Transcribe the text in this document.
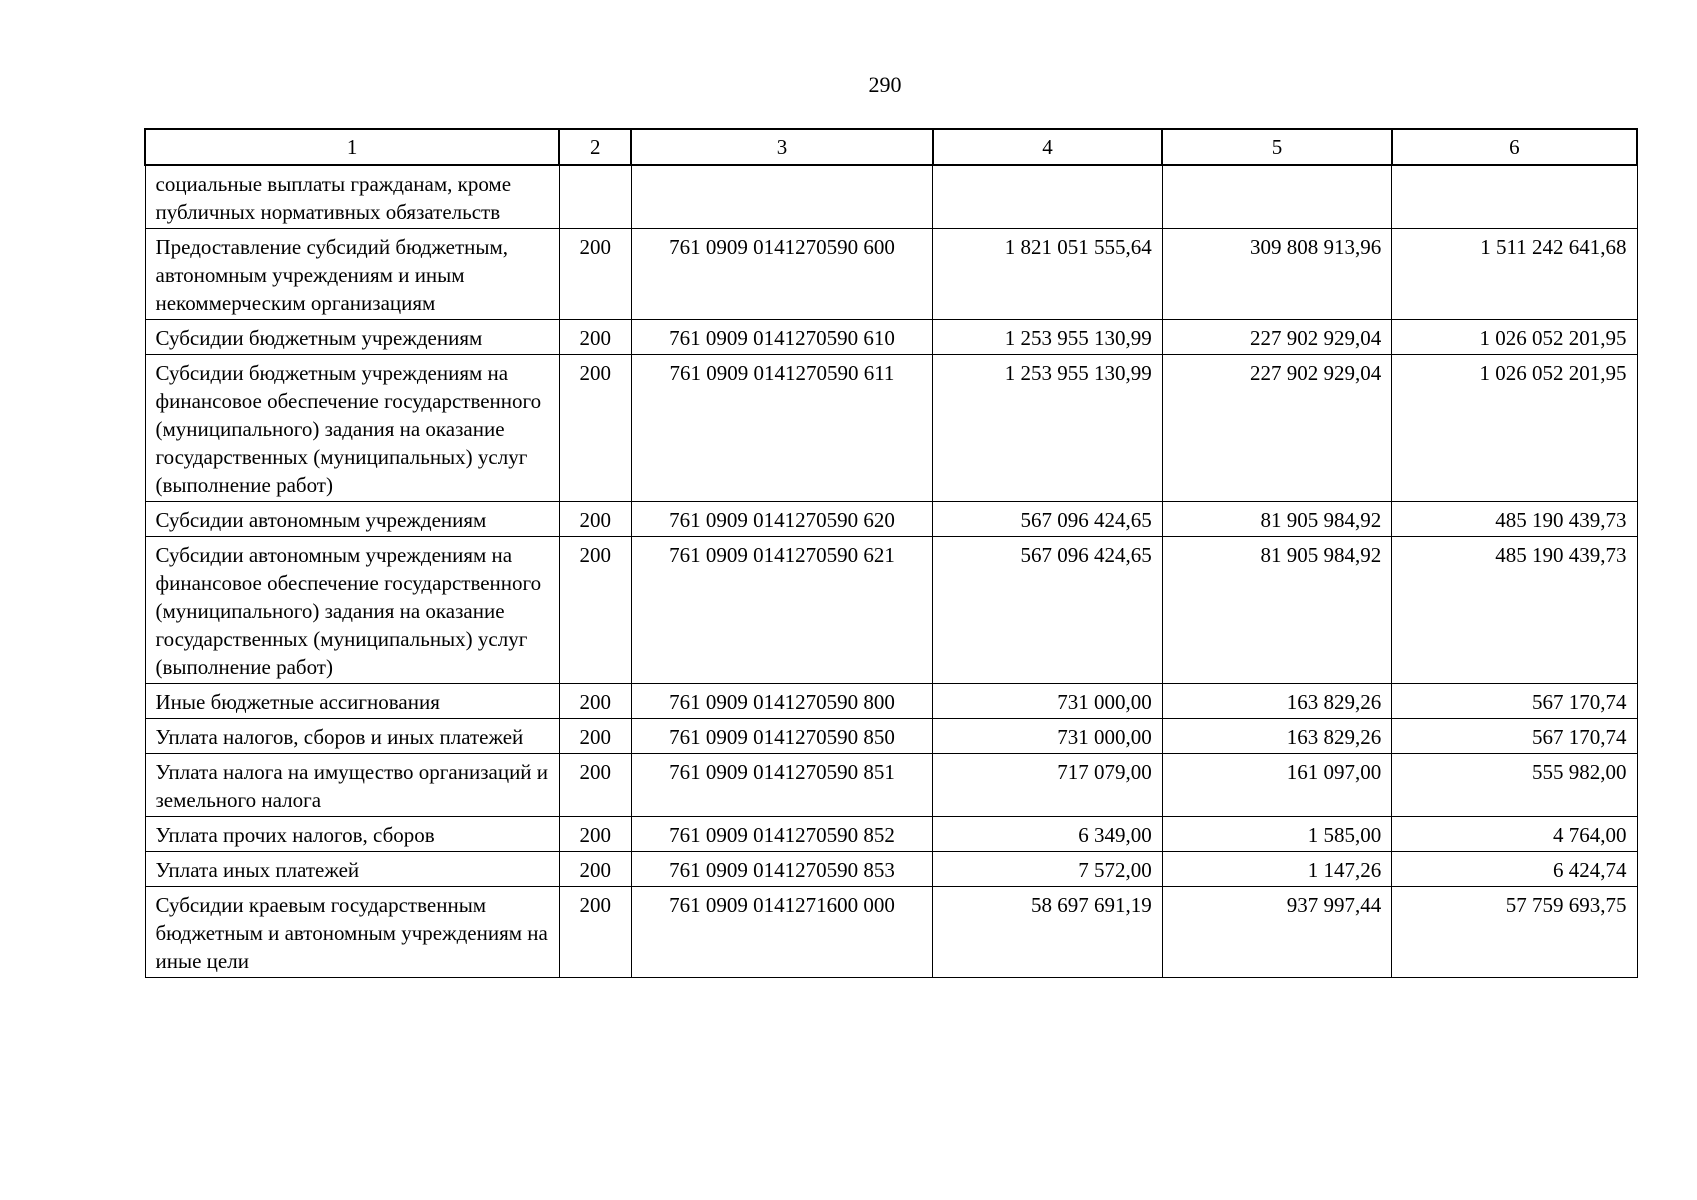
290
1	2	3	4	5	6
социальные выплаты гражданам, кроме публичных нормативных обязательств					
Предоставление субсидий бюджетным, автономным учреждениям и иным некоммерческим организациям	200	761 0909 0141270590 600	1 821 051 555,64	309 808 913,96	1 511 242 641,68
Субсидии бюджетным учреждениям	200	761 0909 0141270590 610	1 253 955 130,99	227 902 929,04	1 026 052 201,95
Субсидии бюджетным учреждениям на финансовое обеспечение государственного (муниципального) задания на оказание государственных (муниципальных) услуг (выполнение работ)	200	761 0909 0141270590 611	1 253 955 130,99	227 902 929,04	1 026 052 201,95
Субсидии автономным учреждениям	200	761 0909 0141270590 620	567 096 424,65	81 905 984,92	485 190 439,73
Субсидии автономным учреждениям на финансовое обеспечение государственного (муниципального) задания на оказание государственных (муниципальных) услуг (выполнение работ)	200	761 0909 0141270590 621	567 096 424,65	81 905 984,92	485 190 439,73
Иные бюджетные ассигнования	200	761 0909 0141270590 800	731 000,00	163 829,26	567 170,74
Уплата налогов, сборов и иных платежей	200	761 0909 0141270590 850	731 000,00	163 829,26	567 170,74
Уплата налога на имущество организаций и земельного налога	200	761 0909 0141270590 851	717 079,00	161 097,00	555 982,00
Уплата прочих налогов, сборов	200	761 0909 0141270590 852	6 349,00	1 585,00	4 764,00
Уплата иных платежей	200	761 0909 0141270590 853	7 572,00	1 147,26	6 424,74
Субсидии краевым государственным бюджетным и автономным учреждениям на иные цели	200	761 0909 0141271600 000	58 697 691,19	937 997,44	57 759 693,75
